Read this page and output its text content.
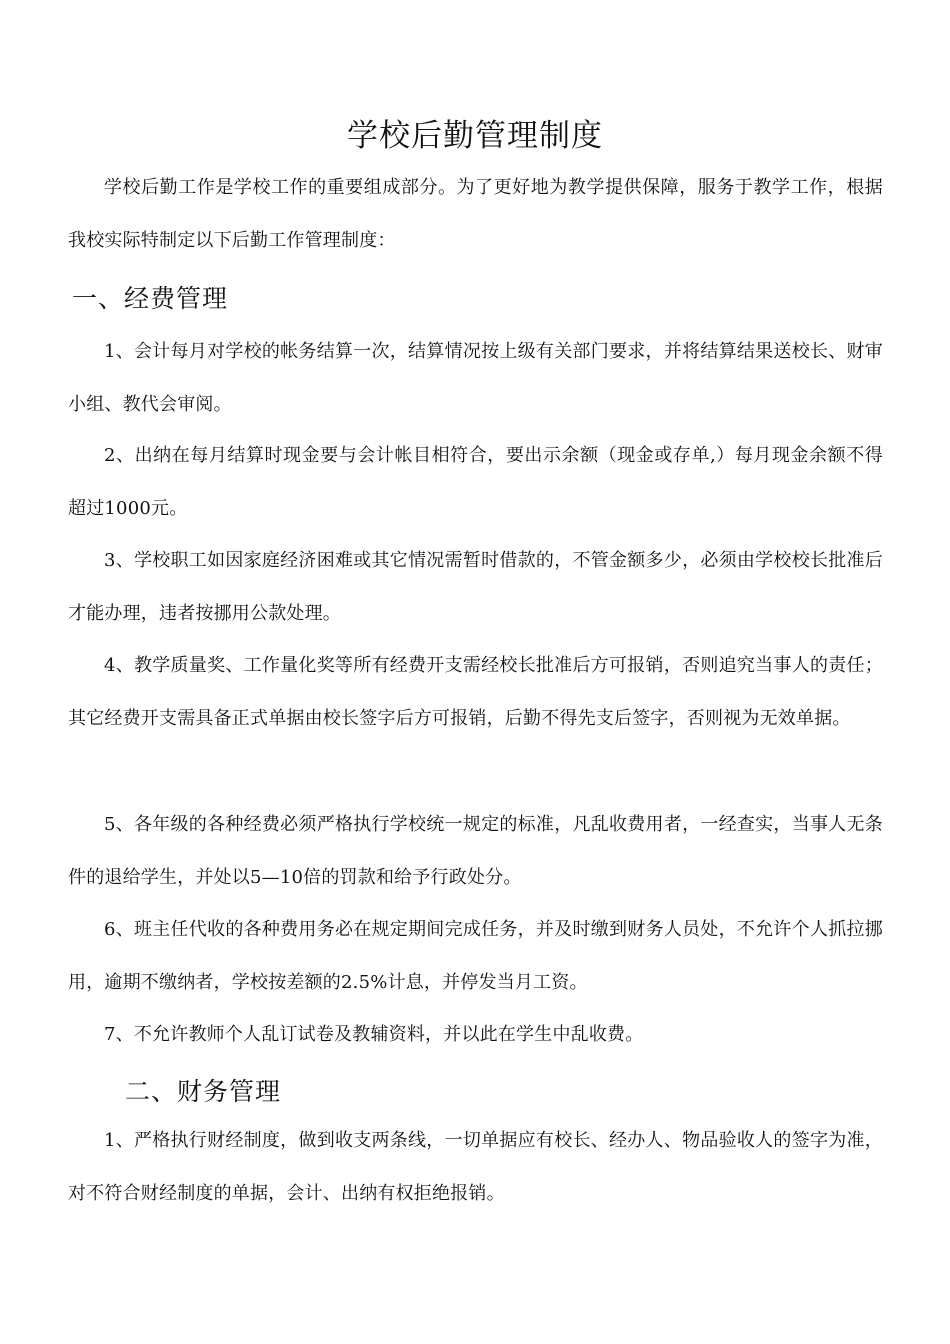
学校后勤管理制度
学校后勤工作是学校工作的重要组成部分。为了更好地为教学提供保障，服务于教学工作，根据我校实际特制定以下后勤工作管理制度：
一、经费管理
1、会计每月对学校的帐务结算一次，结算情况按上级有关部门要求，并将结算结果送校长、财审小组、教代会审阅。
2、出纳在每月结算时现金要与会计帐目相符合，要出示余额（现金或存单,）每月现金余额不得超过1000元。
3、学校职工如因家庭经济困难或其它情况需暂时借款的，不管金额多少，必须由学校校长批准后才能办理，违者按挪用公款处理。
4、教学质量奖、工作量化奖等所有经费开支需经校长批准后方可报销，否则追究当事人的责任；其它经费开支需具备正式单据由校长签字后方可报销，后勤不得先支后签字，否则视为无效单据。
5、各年级的各种经费必须严格执行学校统一规定的标准，凡乱收费用者，一经查实，当事人无条件的退给学生，并处以5—10倍的罚款和给予行政处分。
6、班主任代收的各种费用务必在规定期间完成任务，并及时缴到财务人员处，不允许个人抓拉挪用，逾期不缴纳者，学校按差额的2.5%计息，并停发当月工资。
7、不允许教师个人乱订试卷及教辅资料，并以此在学生中乱收费。
二、财务管理
1、严格执行财经制度，做到收支两条线，一切单据应有校长、经办人、物品验收人的签字为准，对不符合财经制度的单据，会计、出纳有权拒绝报销。
